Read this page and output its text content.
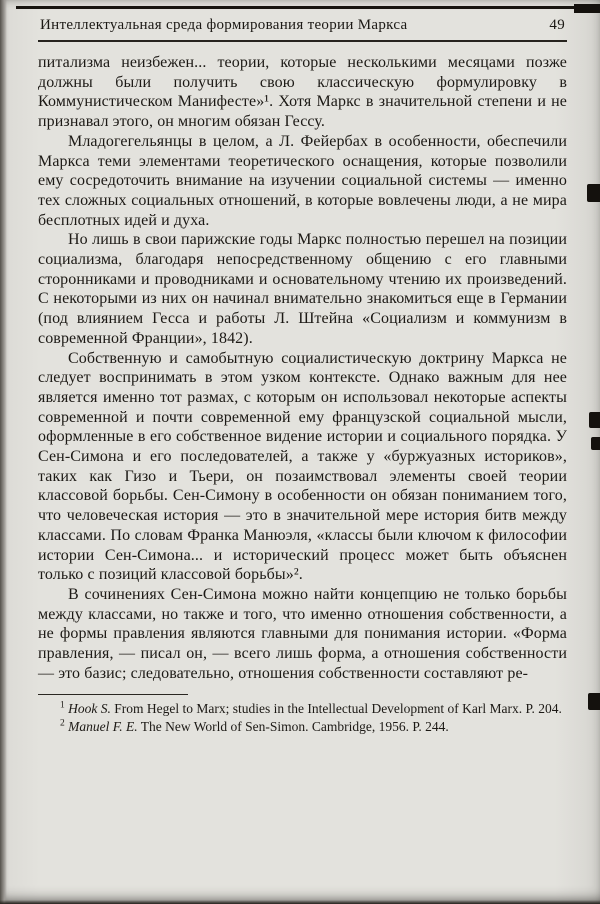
Интеллектуальная среда формирования теории Маркса	49

питализма неизбежен... теории, которые несколькими месяцами позже должны были получить свою классическую формулировку в Коммунистическом Манифесте»¹. Хотя Маркс в значительной степени и не признавал этого, он многим обязан Гессу.

Младогегельянцы в целом, а Л. Фейербах в особенности, обеспечили Маркса теми элементами теоретического оснащения, которые позволили ему сосредоточить внимание на изучении социальной системы — именно тех сложных социальных отношений, в которые вовлечены люди, а не мира бесплотных идей и духа.

Но лишь в свои парижские годы Маркс полностью перешел на позиции социализма, благодаря непосредственному общению с его главными сторонниками и проводниками и основательному чтению их произведений. С некоторыми из них он начинал внимательно знакомиться еще в Германии (под влиянием Гесса и работы Л. Штейна «Социализм и коммунизм в современной Франции», 1842).

Собственную и самобытную социалистическую доктрину Маркса не следует воспринимать в этом узком контексте. Однако важным для нее является именно тот размах, с которым он использовал некоторые аспекты современной и почти современной ему французской социальной мысли, оформленные в его собственное видение истории и социального порядка. У Сен-Симона и его последователей, а также у «буржуазных историков», таких как Гизо и Тьери, он позаимствовал элементы своей теории классовой борьбы. Сен-Симону в особенности он обязан пониманием того, что человеческая история — это в значительной мере история битв между классами. По словам Франка Манюэля, «классы были ключом к философии истории Сен-Симона... и исторический процесс может быть объяснен только с позиций классовой борьбы»².

В сочинениях Сен-Симона можно найти концепцию не только борьбы между классами, но также и того, что именно отношения собственности, а не формы правления являются главными для понимания истории. «Форма правления, — писал он, — всего лишь форма, а отношения собственности — это базис; следовательно, отношения собственности составляют ре-

$^1$ Hook S. From Hegel to Marx; studies in the Intellectual Development of Karl Marx. P. 204.

$^2$ Manuel F. E. The New World of Sen-Simon. Cambridge, 1956. P. 244.
